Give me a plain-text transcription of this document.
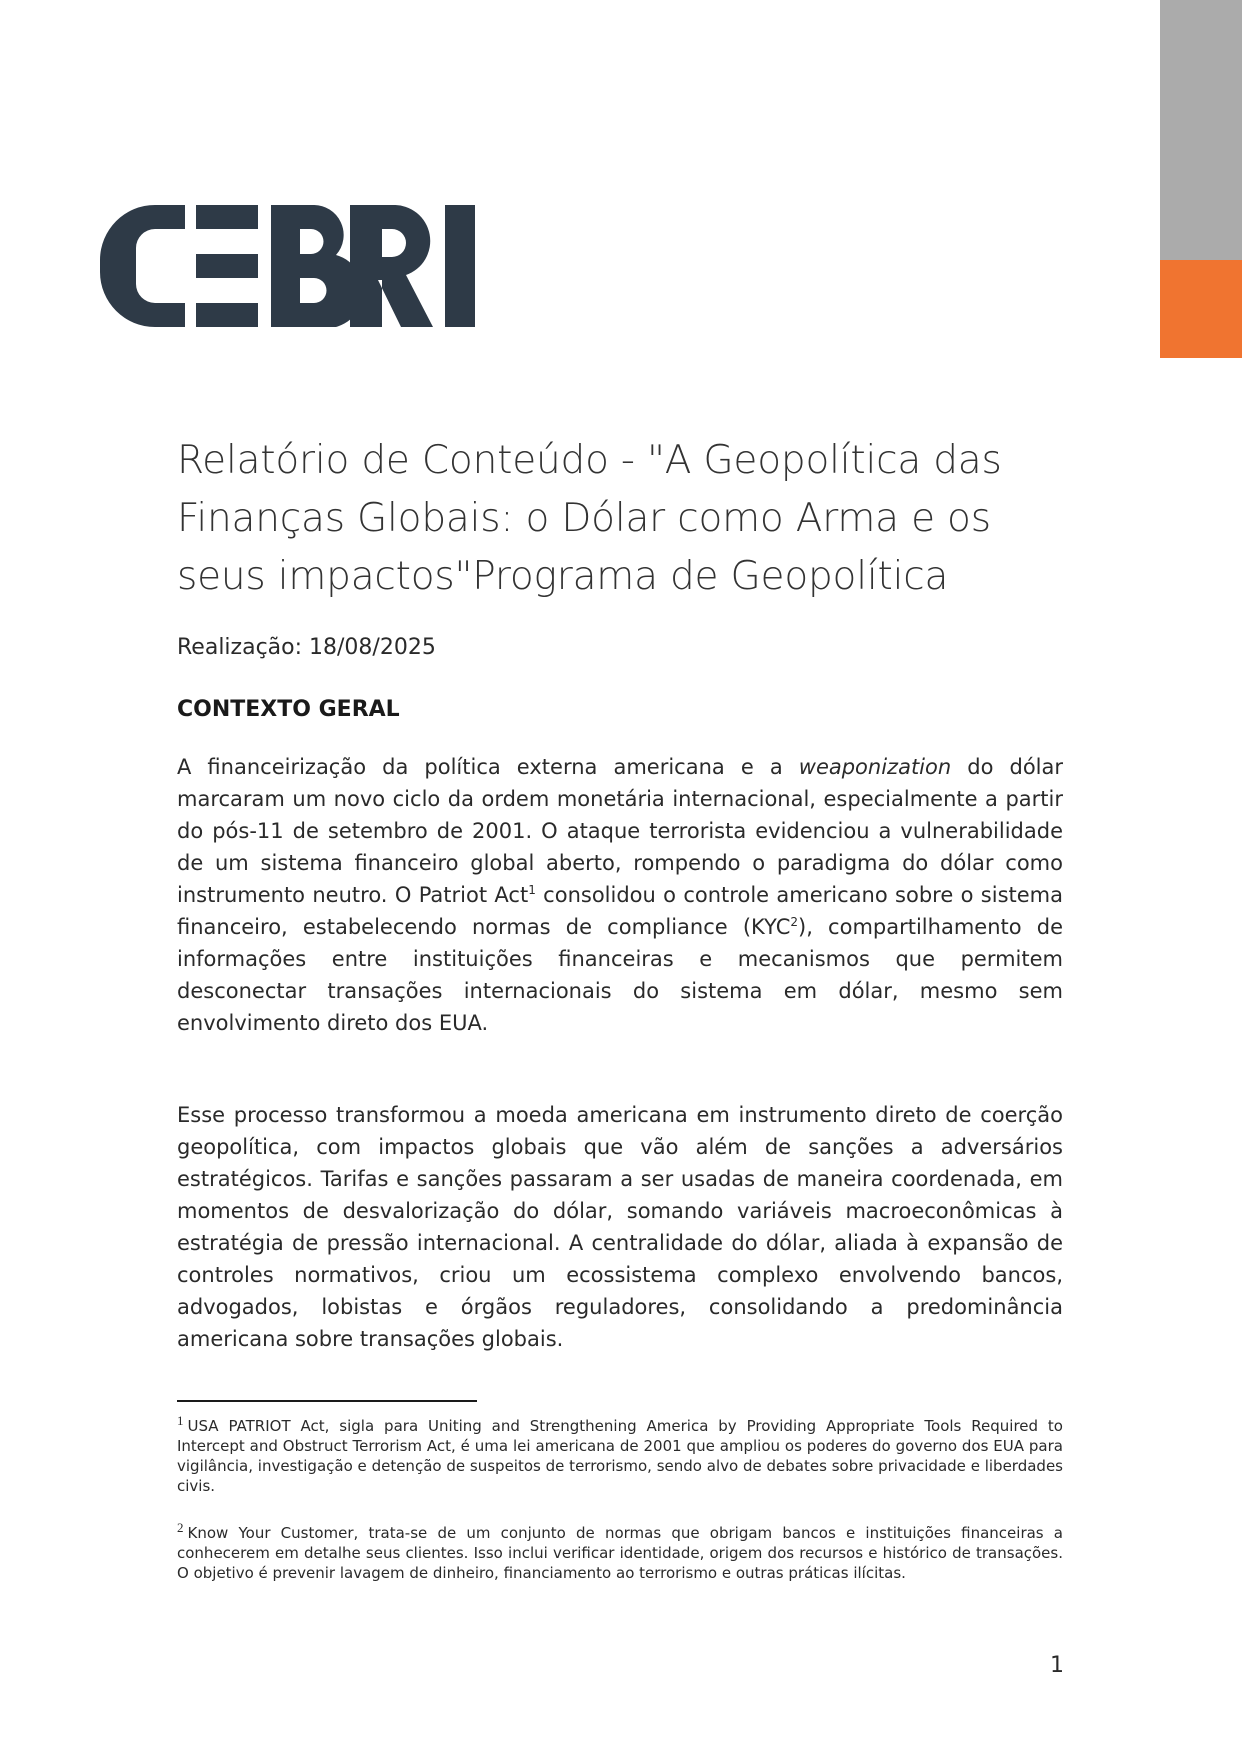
Relatório de Conteúdo - "A Geopolítica das Finanças Globais: o Dólar como Arma e os seus impactos"Programa de Geopolítica
Realização: 18/08/2025
CONTEXTO GERAL

A financeirização da política externa americana e a weaponization do dólar marcaram um novo ciclo da ordem monetária internacional, especialmente a partir do pós-11 de setembro de 2001. O ataque terrorista evidenciou a vulnerabilidade de um sistema financeiro global aberto, rompendo o paradigma do dólar como instrumento neutro. O Patriot Act$^1$ consolidou o controle americano sobre o sistema financeiro, estabelecendo normas de compliance (KYC$^2$), compartilhamento de informações entre instituições financeiras e mecanismos que permitem desconectar transações internacionais do sistema em dólar, mesmo sem envolvimento direto dos EUA.

Esse processo transformou a moeda americana em instrumento direto de coerção geopolítica, com impactos globais que vão além de sanções a adversários estratégicos. Tarifas e sanções passaram a ser usadas de maneira coordenada, em momentos de desvalorização do dólar, somando variáveis macroeconômicas à estratégia de pressão internacional. A centralidade do dólar, aliada à expansão de controles normativos, criou um ecossistema complexo envolvendo bancos, advogados, lobistas e órgãos reguladores, consolidando a predominância americana sobre transações globais.

1 USA PATRIOT Act, sigla para Uniting and Strengthening America by Providing Appropriate Tools Required to Intercept and Obstruct Terrorism Act, é uma lei americana de 2001 que ampliou os poderes do governo dos EUA para vigilância, investigação e detenção de suspeitos de terrorismo, sendo alvo de debates sobre privacidade e liberdades civis.

2 Know Your Customer, trata-se de um conjunto de normas que obrigam bancos e instituições financeiras a conhecerem em detalhe seus clientes. Isso inclui verificar identidade, origem dos recursos e histórico de transações. O objetivo é prevenir lavagem de dinheiro, financiamento ao terrorismo e outras práticas ilícitas.

1
